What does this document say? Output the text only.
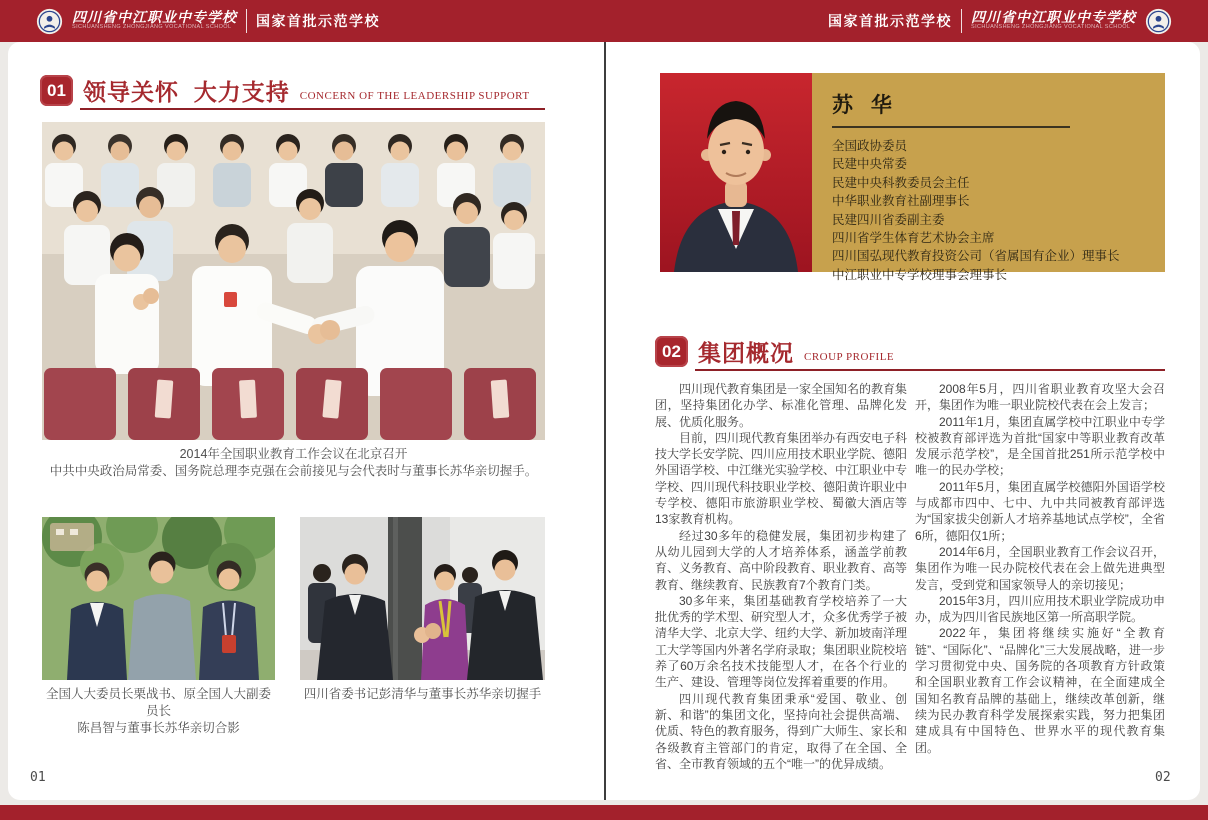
四川省中江职业中专学校
SICHUANSHENG ZHONGJIANG VOCATIONAL SCHOOL	国家首批示范学校	国家首批示范学校 四川省中江职业中专学校
SICHUANSHENG ZHONGJIANG VOCATIONAL SCHOOL
01 领导关怀  大力支持 CONCERN OF THE LEADERSHIP SUPPORT
2014年全国职业教育工作会议在北京召开
中共中央政治局常委、国务院总理李克强在会前接见与会代表时与董事长苏华亲切握手。
全国人大委员长栗战书、原全国人大副委员长
陈昌智与董事长苏华亲切合影
四川省委书记彭清华与董事长苏华亲切握手
01
苏 华
全国政协委员
民建中央常委
民建中央科教委员会主任
中华职业教育社副理事长
民建四川省委副主委
四川省学生体育艺术协会主席
四川国弘现代教育投资公司（省属国有企业）理事长
中江职业中专学校理事会理事长
02 集团概况 CROUP PROFILE

四川现代教育集团是一家全国知名的教育集团，坚持集团化办学、标准化管理、品牌化发展、优质化服务。

目前，四川现代教育集团举办有西安电子科技大学长安学院、四川应用技术职业学院、德阳外国语学校、中江继光实验学校、中江职业中专学校、四川现代科技职业学校、德阳黄许职业中专学校、德阳市旅游职业学校、蜀徽大酒店等13家教育机构。

经过30多年的稳健发展，集团初步构建了从幼儿园到大学的人才培养体系，涵盖学前教育、义务教育、高中阶段教育、职业教育、高等教育、继续教育、民族教育7个教育门类。

30多年来，集团基础教育学校培养了一大批优秀的学术型、研究型人才，众多优秀学子被清华大学、北京大学、纽约大学、新加坡南洋理工大学等国内外著名学府录取；集团职业院校培养了60万余名技术技能型人才，在各个行业的生产、建设、管理等岗位发挥着重要的作用。

四川现代教育集团秉承“爱国、敬业、创新、和谐”的集团文化，坚持向社会提供高端、优质、特色的教育服务，得到广大师生、家长和各级教育主管部门的肯定，取得了在全国、全省、全市教育领域的五个“唯一”的优异成绩。

2008年5月，四川省职业教育攻坚大会召开，集团作为唯一职业院校代表在会上发言；

2011年1月，集团直属学校中江职业中专学校被教育部评选为首批“国家中等职业教育改革发展示范学校”，是全国首批251所示范学校中唯一的民办学校；

2011年5月，集团直属学校德阳外国语学校与成都市四中、七中、九中共同被教育部评选为“国家拔尖创新人才培养基地试点学校”，全省6所，德阳仅1所；

2014年6月，全国职业教育工作会议召开，集团作为唯一民办院校代表在会上做先进典型发言，受到党和国家领导人的亲切接见；

2015年3月，四川应用技术职业学院成功申办，成为四川省民族地区第一所高职学院。

2022年，集团将继续实施好“全教育链”、“国际化”、“品牌化”三大发展战略，进一步学习贯彻党中央、国务院的各项教育方针政策和全国职业教育工作会议精神，在全面建成全国知名教育品牌的基础上，继续改革创新，继续为民办教育科学发展探索实践，努力把集团建成具有中国特色、世界水平的现代教育集团。

02
